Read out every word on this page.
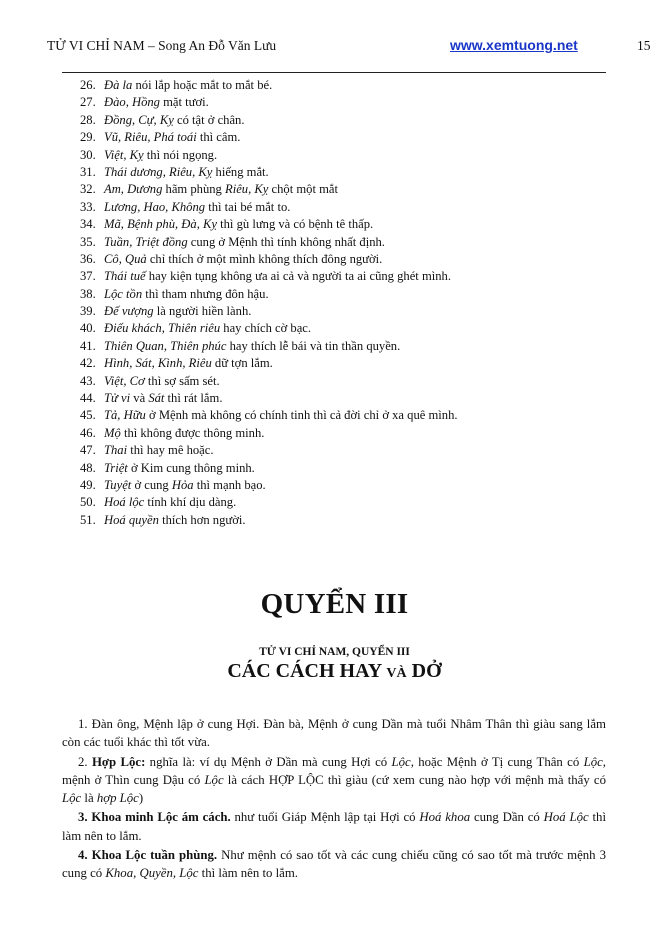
TỬ VI CHỈ NAM – Song An Đỗ Văn Lưu	www.xemtuong.net	15
26. Đà la nói lắp hoặc mắt to mắt bé.
27. Đào, Hồng mặt tươi.
28. Đồng, Cự, Kỵ có tật ở chân.
29. Vũ, Riêu, Phá toái thì câm.
30. Việt, Kỵ thì nói ngọng.
31. Thái dương, Riêu, Kỵ hiếng mắt.
32. Am, Dương hãm phùng Riêu, Kỵ chột một mắt
33. Lương, Hao, Không thì tai bé mắt to.
34. Mã, Bệnh phù, Đà, Kỵ thì gù lưng và có bệnh tê thấp.
35. Tuần, Triệt đồng cung ở Mệnh thì tính không nhất định.
36. Cô, Quả chỉ thích ở một mình không thích đông người.
37. Thái tuế hay kiện tụng không ưa ai cả và người ta ai cũng ghét mình.
38. Lộc tồn thì tham nhưng đôn hậu.
39. Đế vượng là người hiền lành.
40. Điếu khách, Thiên riêu hay chích cờ bạc.
41. Thiên Quan, Thiên phúc hay thích lễ bái và tin thần quyền.
42. Hình, Sát, Kình, Riêu dữ tợn lắm.
43. Việt, Cơ thì sợ sấm sét.
44. Tử vi và Sát thì rát lắm.
45. Tả, Hữu ở Mệnh mà không có chính tinh thì cả đời chỉ ở xa quê mình.
46. Mộ thì không được thông minh.
47. Thai thì hay mê hoặc.
48. Triệt ở Kim cung thông minh.
49. Tuyệt ở cung Hỏa thì mạnh bạo.
50. Hoá lộc tính khí dịu dàng.
51. Hoá quyền thích hơn người.
QUYỂN III
TỬ VI CHỈ NAM, QUYỂN III
CÁC CÁCH HAY VÀ DỞ

1. Đàn ông, Mệnh lập ở cung Hợi. Đàn bà, Mệnh ở cung Dần mà tuổi Nhâm Thân thì giàu sang lắm còn các tuổi khác thì tốt vừa.

2. Hợp Lộc: nghĩa là: ví dụ Mệnh ở Dần mà cung Hợi có Lộc, hoặc Mệnh ở Tị cung Thân có Lộc, mệnh ở Thìn cung Dậu có Lộc là cách HỢP LỘC thì giàu (cứ xem cung nào hợp với mệnh mà thấy có Lộc là hợp Lộc)

3. Khoa minh Lộc ám cách. như tuổi Giáp Mệnh lập tại Hợi có Hoá khoa cung Dần có Hoá Lộc thì làm nên to lắm.

4. Khoa Lộc tuần phùng. Như mệnh có sao tốt và các cung chiếu cũng có sao tốt mà trước mệnh 3 cung có Khoa, Quyền, Lộc thì làm nên to lắm.
